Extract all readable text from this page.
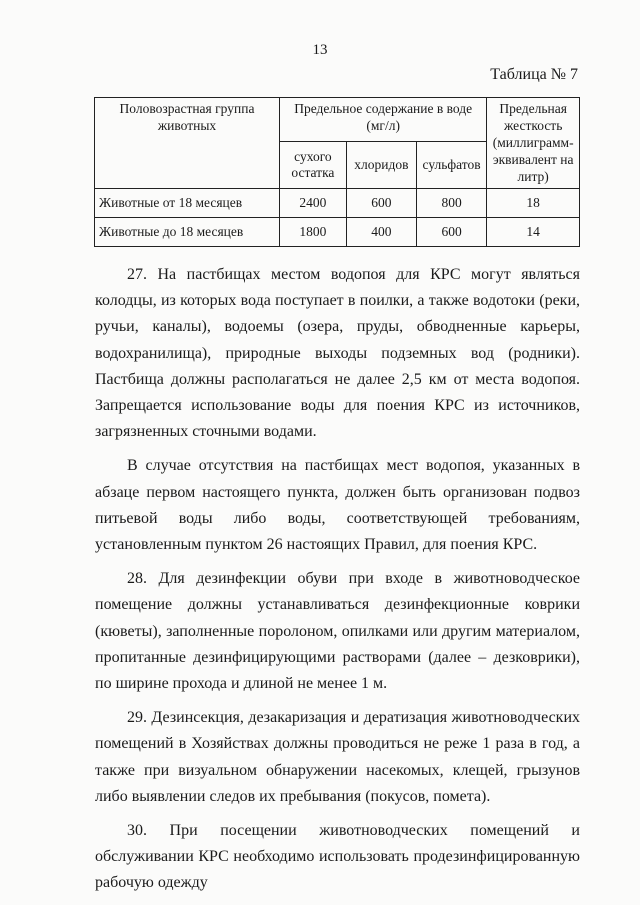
13
Таблица № 7
Половозрастная группа животных	Предельное содержание в воде (мг/л)			Предельная жесткость (миллиграмм-эквивалент на литр)
	сухого остатка	хлоридов	сульфатов	
Животные от 18 месяцев	2400	600	800	18
Животные до 18 месяцев	1800	400	600	14

27. На пастбищах местом водопоя для КРС могут являться колодцы, из которых вода поступает в поилки, а также водотоки (реки, ручьи, каналы), водоемы (озера, пруды, обводненные карьеры, водохранилища), природные выходы подземных вод (родники). Пастбища должны располагаться не далее 2,5 км от места водопоя. Запрещается использование воды для поения КРС из источников, загрязненных сточными водами.

В случае отсутствия на пастбищах мест водопоя, указанных в абзаце первом настоящего пункта, должен быть организован подвоз питьевой воды либо воды, соответствующей требованиям, установленным пунктом 26 настоящих Правил, для поения КРС.

28. Для дезинфекции обуви при входе в животноводческое помещение должны устанавливаться дезинфекционные коврики (кюветы), заполненные поролоном, опилками или другим материалом, пропитанные дезинфицирующими растворами (далее – дезковрики), по ширине прохода и длиной не менее 1 м.

29. Дезинсекция, дезакаризация и дератизация животноводческих помещений в Хозяйствах должны проводиться не реже 1 раза в год, а также при визуальном обнаружении насекомых, клещей, грызунов либо выявлении следов их пребывания (покусов, помета).

30. При посещении животноводческих помещений и обслуживании КРС необходимо использовать продезинфицированную рабочую одежду
